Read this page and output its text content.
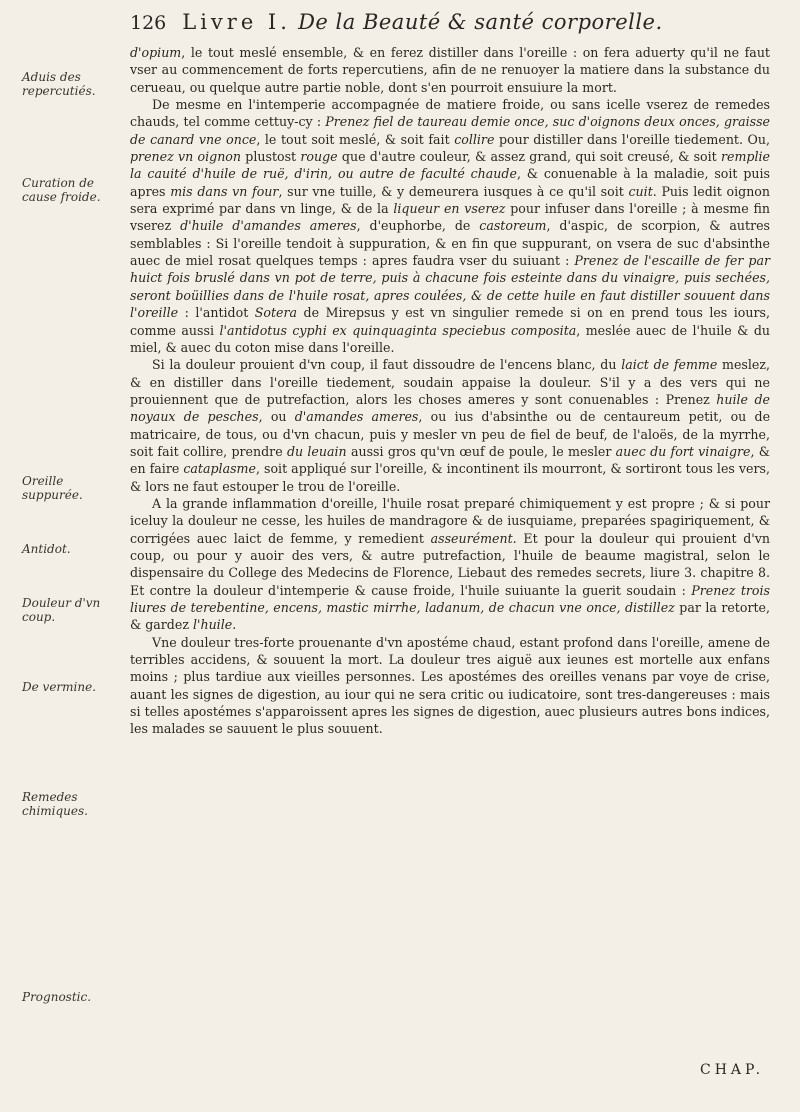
126 Livre I. De la Beauté & santé corporelle.
Aduis des repercutiés.
Curation de cause froide.
Oreille suppurée.
Antidot.
Douleur d'vn coup.
De vermine.
Remedes chimiques.
Prognostic.

d'opium, le tout meslé ensemble, & en ferez distiller dans l'oreille : on fera aduerty qu'il ne faut vser au commencement de forts repercutiens, afin de ne renuoyer la matiere dans la substance du cerueau, ou quelque autre partie noble, dont s'en pourroit ensuiure la mort.

De mesme en l'intemperie accompagnée de matiere froide, ou sans icelle vserez de remedes chauds, tel comme cettuy-cy : Prenez fiel de taureau demie once, suc d'oignons deux onces, graisse de canard vne once, le tout soit meslé, & soit fait collire pour distiller dans l'oreille tiedement. Ou, prenez vn oignon plustost rouge que d'autre couleur, & assez grand, qui soit creusé, & soit remplie la cauité d'huile de ruë, d'irin, ou autre de faculté chaude, & conuenable à la maladie, soit puis apres mis dans vn four, sur vne tuille, & y demeurera iusques à ce qu'il soit cuit. Puis ledit oignon sera exprimé par dans vn linge, & de la liqueur en vserez pour infuser dans l'oreille ; à mesme fin vserez d'huile d'amandes ameres, d'euphorbe, de castoreum, d'aspic, de scorpion, & autres semblables : Si l'oreille tendoit à suppuration, & en fin que suppurant, on vsera de suc d'absinthe auec de miel rosat quelques temps : apres faudra vser du suiuant : Prenez de l'escaille de fer par huict fois bruslé dans vn pot de terre, puis à chacune fois esteinte dans du vinaigre, puis sechées, seront boüillies dans de l'huile rosat, apres coulées, & de cette huile en faut distiller souuent dans l'oreille : l'antidot Sotera de Mirepsus y est vn singulier remede si on en prend tous les iours, comme aussi l'antidotus cyphi ex quinquaginta speciebus composita, meslée auec de l'huile & du miel, & auec du coton mise dans l'oreille.

Si la douleur prouient d'vn coup, il faut dissoudre de l'encens blanc, du laict de femme meslez, & en distiller dans l'oreille tiedement, soudain appaise la douleur. S'il y a des vers qui ne prouiennent que de putrefaction, alors les choses ameres y sont conuenables : Prenez huile de noyaux de pesches, ou d'amandes ameres, ou ius d'absinthe ou de centaureum petit, ou de matricaire, de tous, ou d'vn chacun, puis y mesler vn peu de fiel de beuf, de l'aloës, de la myrrhe, soit fait collire, prendre du leuain aussi gros qu'vn œuf de poule, le mesler auec du fort vinaigre, & en faire cataplasme, soit appliqué sur l'oreille, & incontinent ils mourront, & sortiront tous les vers, & lors ne faut estouper le trou de l'oreille.

A la grande inflammation d'oreille, l'huile rosat preparé chimiquement y est propre ; & si pour iceluy la douleur ne cesse, les huiles de mandragore & de iusquiame, preparées spagiriquement, & corrigées auec laict de femme, y remedient asseurément. Et pour la douleur qui prouient d'vn coup, ou pour y auoir des vers, & autre putrefaction, l'huile de beaume magistral, selon le dispensaire du College des Medecins de Florence, Liebaut des remedes secrets, liure 3. chapitre 8. Et contre la douleur d'intemperie & cause froide, l'huile suiuante la guerit soudain : Prenez trois liures de terebentine, encens, mastic mirrhe, ladanum, de chacun vne once, distillez par la retorte, & gardez l'huile.

Vne douleur tres-forte prouenante d'vn apostéme chaud, estant profond dans l'oreille, amene de terribles accidens, & souuent la mort. La douleur tres aiguë aux ieunes est mortelle aux enfans moins ; plus tardiue aux vieilles personnes. Les apostémes des oreilles venans par voye de crise, auant les signes de digestion, au iour qui ne sera critic ou iudicatoire, sont tres-dangereuses : mais si telles apostémes s'apparoissent apres les signes de digestion, auec plusieurs autres bons indices, les malades se sauuent le plus souuent.

CHAP.
